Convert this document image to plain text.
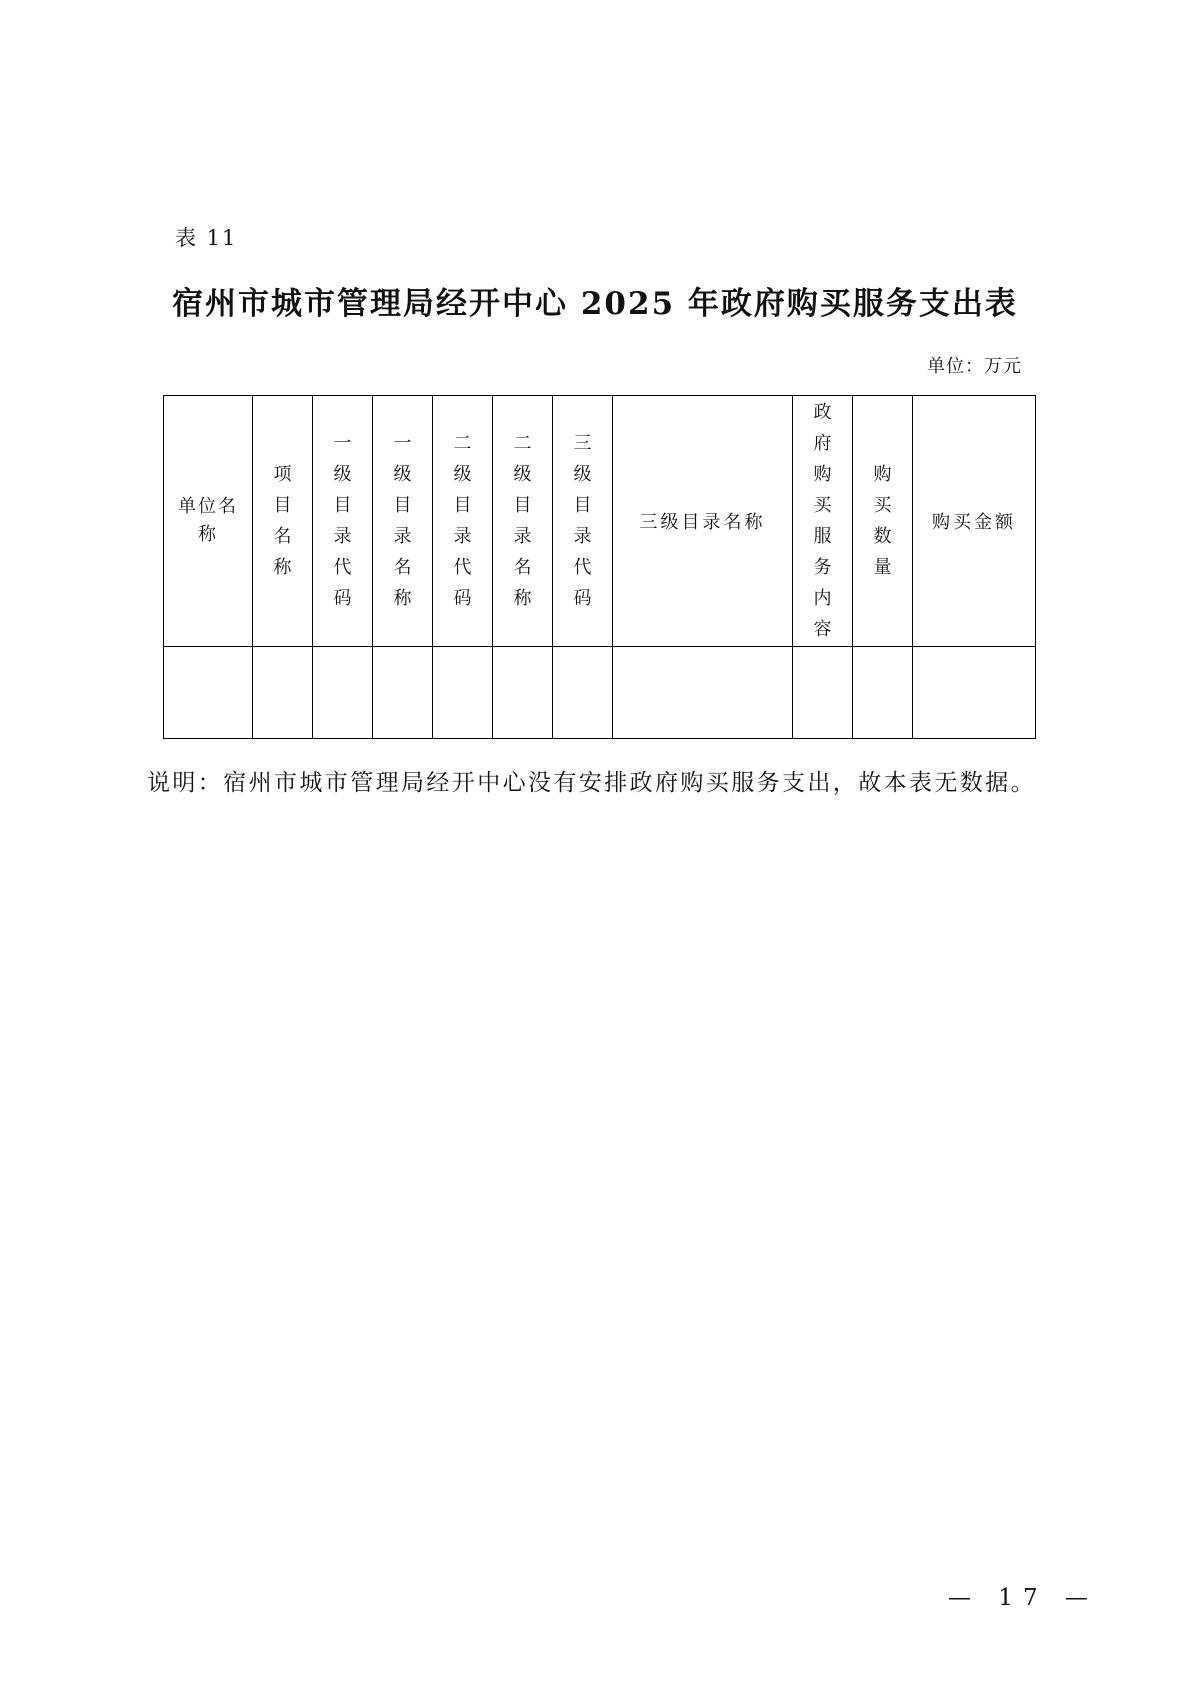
表 11
宿州市城市管理局经开中心 2025 年政府购买服务支出表
单位：万元
单位名称	项目名称	一级目录代码	一级目录名称	二级目录代码	二级目录名称	三级目录代码	三级目录名称	政府购买服务内容	购买数量	购买金额

说明：宿州市城市管理局经开中心没有安排政府购买服务支出，故本表无数据。
— 17 —
